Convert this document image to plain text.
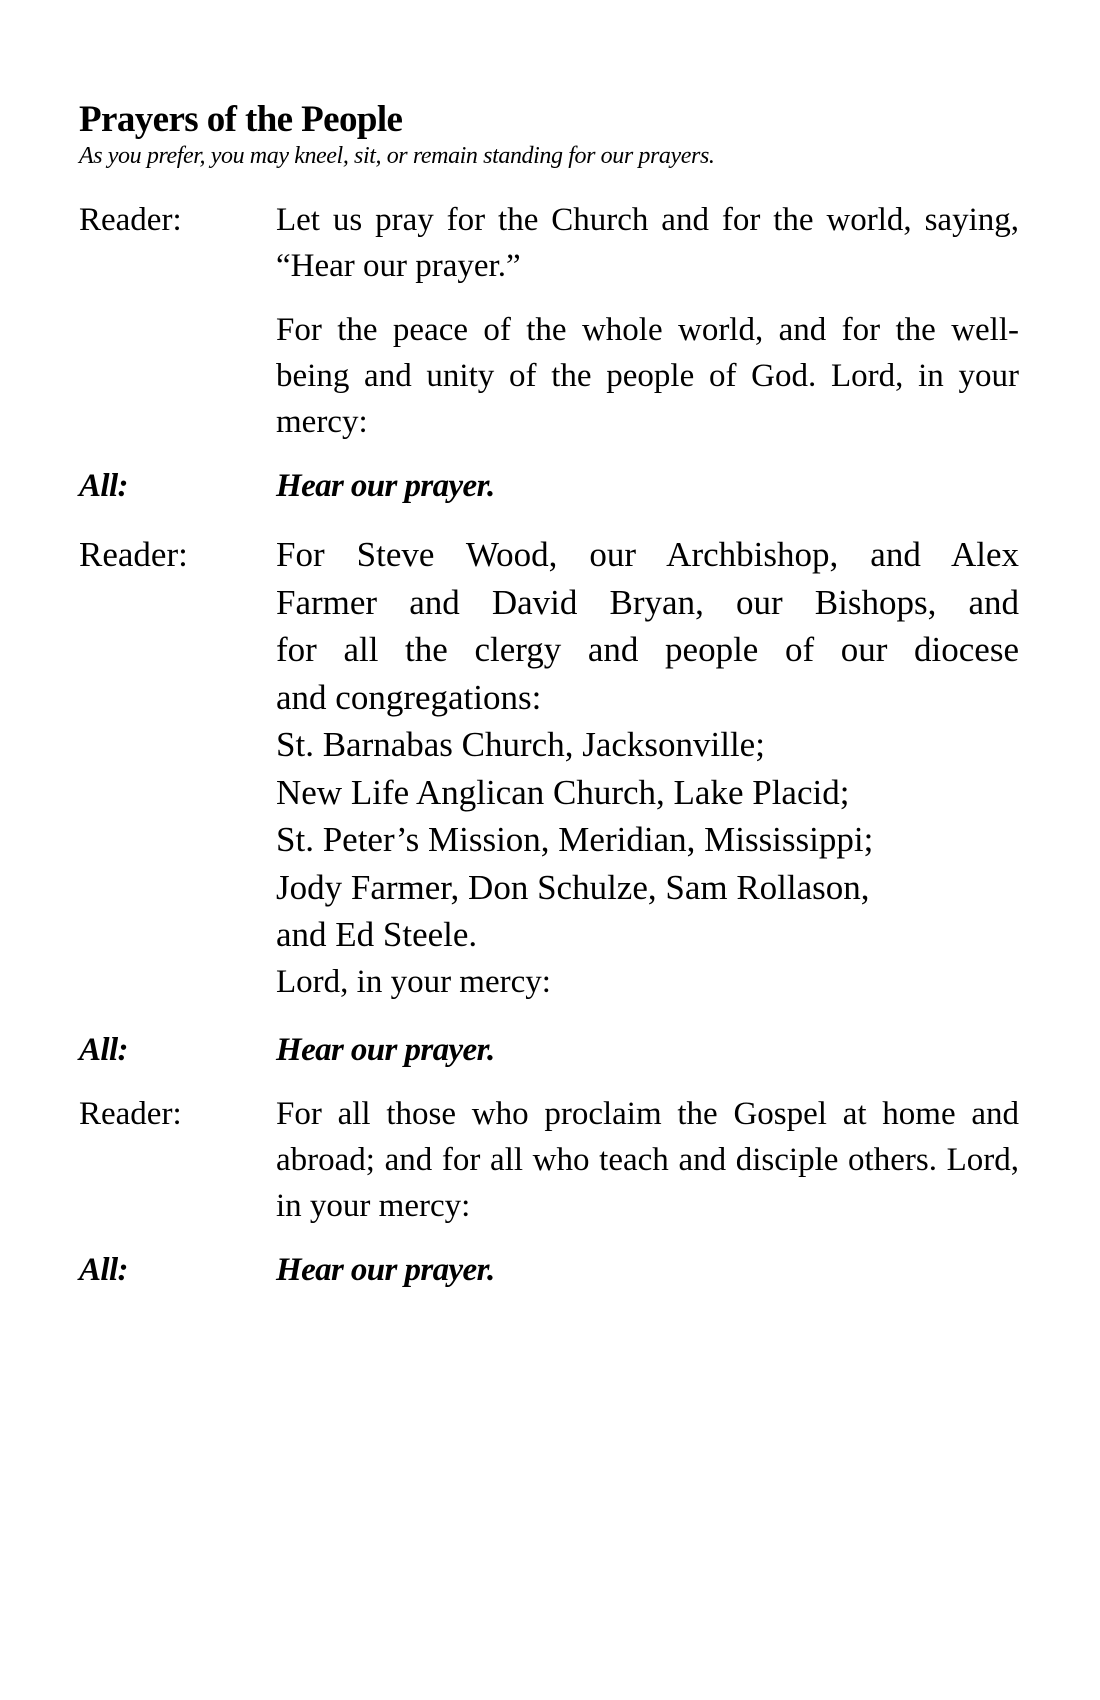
Prayers of the People

As you prefer, you may kneel, sit, or remain standing for our prayers.

Reader:	Let us pray for the Church and for the world, saying, “Hear our prayer.”
For the peace of the whole world, and for the well-being and unity of the people of God. Lord, in your mercy:
All:	Hear our prayer.
Reader:	For Steve Wood, our Archbishop, and Alex
Farmer and David Bryan, our Bishops, and
for all the clergy and people of our diocese
and congregations:
St. Barnabas Church, Jacksonville;
New Life Anglican Church, Lake Placid;
St. Peter’s Mission, Meridian, Mississippi;
Jody Farmer, Don Schulze, Sam Rollason,
and Ed Steele.
Lord, in your mercy:
All:	Hear our prayer.
Reader:	For all those who proclaim the Gospel at home and abroad; and for all who teach and disciple others. Lord, in your mercy:
All:	Hear our prayer.
